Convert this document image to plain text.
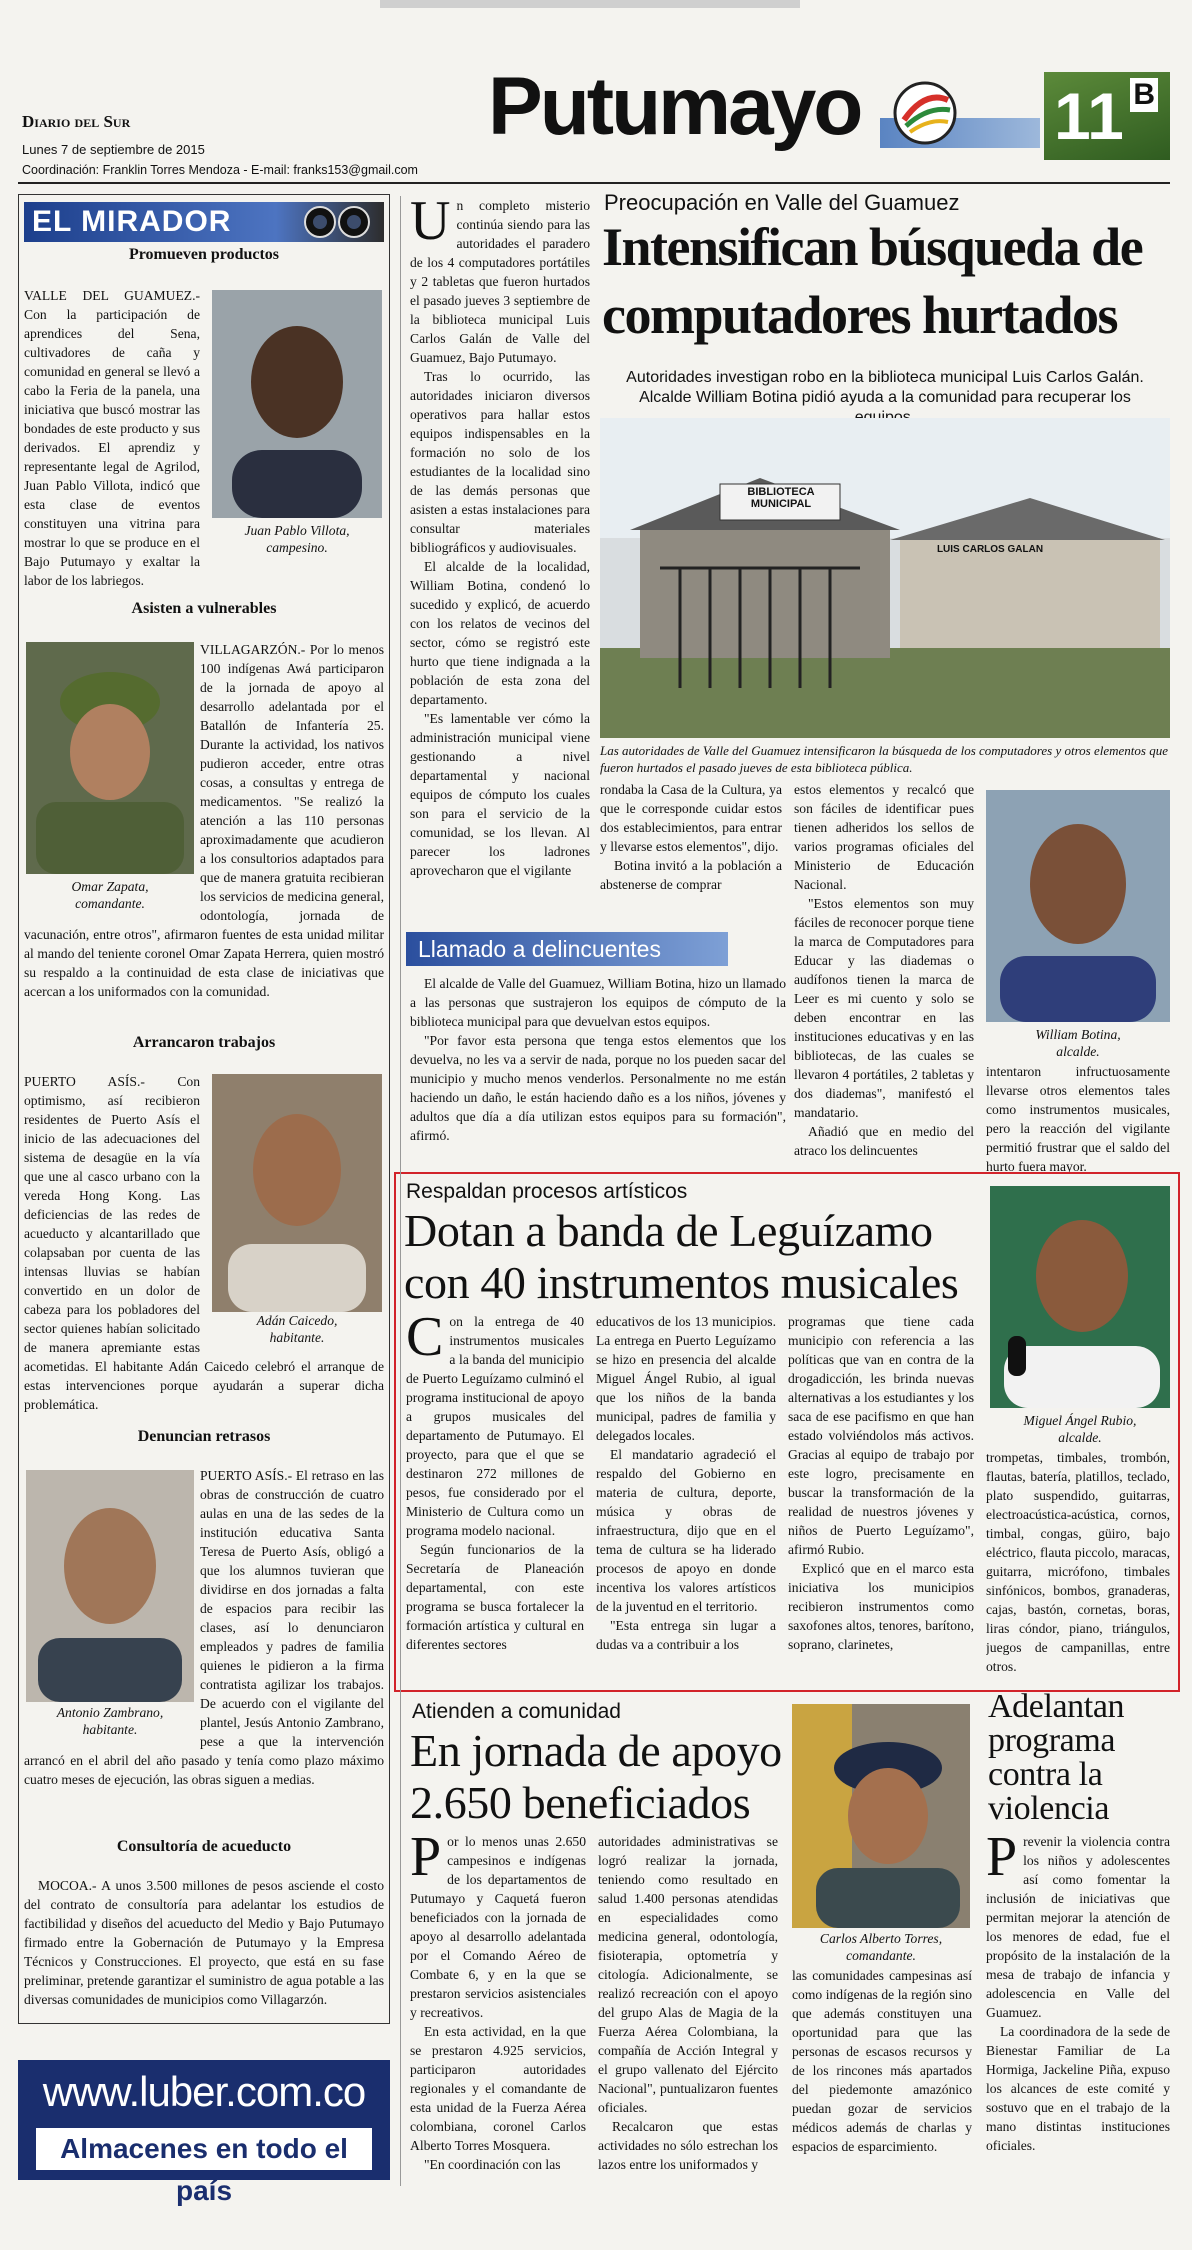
Diario del Sur
Lunes 7 de septiembre de 2015
Coordinación: Franklin Torres Mendoza - E-mail: franks153@gmail.com
Putumayo	11 B
EL MIRADOR
Promueven productos
Juan Pablo Villota,
campesino.

VALLE DEL GUAMUEZ.- Con la participación de aprendices del Sena, cultivadores de caña y comunidad en general se llevó a cabo la Feria de la panela, una iniciativa que buscó mostrar las bondades de este producto y sus derivados. El aprendiz y representante legal de Agrilod, Juan Pablo Villota, indicó que esta clase de eventos constituyen una vitrina para mostrar lo que se produce en el Bajo Putumayo y exaltar la labor de los labriegos.

Asisten a vulnerables
Omar Zapata,
comandante.

VILLAGARZÓN.- Por lo menos 100 indígenas Awá participaron de la jornada de apoyo al desarrollo adelantada por el Batallón de Infantería 25. Durante la actividad, los nativos pudieron acceder, entre otras cosas, a consultas y entrega de medicamentos. "Se realizó la atención a las 110 personas aproximadamente que acudieron a los consultorios adaptados para que de manera gratuita recibieran los servicios de medicina general, odontología, jornada de vacunación, entre otros", afirmaron fuentes de esta unidad militar al mando del teniente coronel Omar Zapata Herrera, quien mostró su respaldo a la continuidad de esta clase de iniciativas que acercan a los uniformados con la comunidad.

Arrancaron trabajos
Adán Caicedo,
habitante.

PUERTO ASÍS.- Con optimismo, así recibieron residentes de Puerto Asís el inicio de las adecuaciones del sistema de desagüe en la vía que une al casco urbano con la vereda Hong Kong. Las deficiencias de las redes de acueducto y alcantarillado que colapsaban por cuenta de las intensas lluvias se habían convertido en un dolor de cabeza para los pobladores del sector quienes habían solicitado de manera apremiante estas acometidas. El habitante Adán Caicedo celebró el arranque de estas intervenciones porque ayudarán a superar dicha problemática.

Denuncian retrasos
Antonio Zambrano,
habitante.

PUERTO ASÍS.- El retraso en las obras de construcción de cuatro aulas en una de las sedes de la institución educativa Santa Teresa de Puerto Asís, obligó a que los alumnos tuvieran que dividirse en dos jornadas a falta de espacios para recibir las clases, así lo denunciaron empleados y padres de familia quienes le pidieron a la firma contratista agilizar los trabajos. De acuerdo con el vigilante del plantel, Jesús Antonio Zambrano, pese a que la intervención arrancó en el abril del año pasado y tenía como plazo máximo cuatro meses de ejecución, las obras siguen a medias.

Consultoría de acueducto

MOCOA.- A unos 3.500 millones de pesos asciende el costo del contrato de consultoría para adelantar los estudios de factibilidad y diseños del acueducto del Medio y Bajo Putumayo firmado entre la Gobernación de Putumayo y la Empresa Técnicos y Construcciones. El proyecto, que está en su fase preliminar, pretende garantizar el suministro de agua potable a las diversas comunidades de municipios como Villagarzón.

www.luber.com.co
Almacenes en todo el país
Preocupación en Valle del Guamuez
Intensifican búsqueda de
computadores hurtados
Autoridades investigan robo en la biblioteca municipal Luis Carlos Galán. Alcalde William Botina pidió ayuda a la comunidad para recuperar los
BIBLIOTECA MUNICIPAL
LUIS CARLOS GALAN
Las autoridades de Valle del Guamuez intensificaron la búsqueda de los computadores y otros elementos que fueron hurtados el pasado jueves de esta biblioteca pública.
U n completo misterio continúa siendo para las autoridades el paradero de los 4 computadores portátiles y 2 tabletas que fueron hurtados el pasado jueves 3 septiembre de la biblioteca municipal Luis Carlos Galán de Valle del Guamuez, Bajo Putumayo.

Tras lo ocurrido, las autoridades iniciaron diversos operativos para hallar estos equipos indispensables en la formación no solo de los estudiantes de la localidad sino de las demás personas que asisten a estas instalaciones para consultar materiales bibliográficos y audiovisuales.

El alcalde de la localidad, William Botina, condenó lo sucedido y explicó, de acuerdo con los relatos de vecinos del sector, cómo se registró este hurto que tiene indignada a la población de esta zona del departamento.

"Es lamentable ver cómo la administración municipal viene gestionando a nivel departamental y nacional equipos de cómputo los cuales son para el servicio de la comunidad, se los llevan. Al parecer los ladrones aprovecharon que el vigilante

rondaba la Casa de la Cultura, ya que le corresponde cuidar estos dos establecimientos, para entrar y llevarse estos elementos", dijo.

Botina invitó a la población a abstenerse de comprar

estos elementos y recalcó que son fáciles de identificar pues tienen adheridos los sellos de varios programas oficiales del Ministerio de Educación Nacional.

"Estos elementos son muy fáciles de reconocer porque tiene la marca de Computadores para Educar y las diademas o audífonos tienen la marca de Leer es mi cuento y solo se deben encontrar en las instituciones educativas y en las bibliotecas, de las cuales se llevaron 4 portátiles, 2 tabletas y dos diademas", manifestó el mandatario.

Añadió que en medio del atraco los delincuentes

William Botina,
alcalde.

intentaron infructuosamente llevarse otros elementos tales como instrumentos musicales, pero la reacción del vigilante permitió frustrar que el saldo del hurto fuera mayor.

Llamado a delincuentes

El alcalde de Valle del Guamuez, William Botina, hizo un llamado a las personas que sustrajeron los equipos de cómputo de la biblioteca municipal para que devuelvan estos equipos.

"Por favor esta persona que tenga estos elementos que los devuelva, no les va a servir de nada, porque no los pueden sacar del municipio y mucho menos venderlos. Personalmente no me están haciendo un daño, le están haciendo daño es a los niños, jóvenes y adultos que día a día utilizan estos equipos para su formación", afirmó.

Respaldan procesos artísticos
Dotan a banda de Leguízamo
con 40 instrumentos musicales
Miguel Ángel Rubio,
alcalde.
C on la entrega de 40 instrumentos musicales a la banda del municipio de Puerto Leguízamo culminó el programa institucional de apoyo a grupos musicales del departamento de Putumayo. El proyecto, para que el que se destinaron 272 millones de pesos, fue considerado por el Ministerio de Cultura como un programa modelo nacional.

Según funcionarios de la Secretaría de Planeación departamental, con este programa se busca fortalecer la formación artística y cultural en diferentes sectores

educativos de los 13 municipios. La entrega en Puerto Leguízamo se hizo en presencia del alcalde Miguel Ángel Rubio, al igual que los niños de la banda municipal, padres de familia y delegados locales.

El mandatario agradeció el respaldo del Gobierno en materia de cultura, deporte, música y obras de infraestructura, dijo que en el tema de cultura se ha liderado procesos de apoyo en donde incentiva los valores artísticos de la juventud en el territorio.

"Esta entrega sin lugar a dudas va a contribuir a los

programas que tiene cada municipio con referencia a las políticas que van en contra de la drogadicción, les brinda nuevas alternativas a los estudiantes y los saca de ese pacifismo en que han estado volviéndolos más activos. Gracias al equipo de trabajo por este logro, precisamente en buscar la transformación de la realidad de nuestros jóvenes y niños de Puerto Leguízamo", afirmó Rubio.

Explicó que en el marco esta iniciativa los municipios recibieron instrumentos como saxofones altos, tenores, barítono, soprano, clarinetes,

trompetas, timbales, trombón, flautas, batería, platillos, teclado, plato suspendido, guitarras, electroacústica-acústica, cornos, timbal, congas, güiro, bajo eléctrico, flauta piccolo, maracas, guitarra, micrófono, timbales sinfónicos, bombos, granaderas, cajas, bastón, cornetas, boras, liras cóndor, piano, triángulos, juegos de campanillas, entre otros.

Atienden a comunidad
En jornada de apoyo
2.650 beneficiados
P or lo menos unas 2.650 campesinos e indígenas de los departamentos de Putumayo y Caquetá fueron beneficiados con la jornada de apoyo al desarrollo adelantada por el Comando Aéreo de Combate 6, y en la que se prestaron servicios asistenciales y recreativos.

En esta actividad, en la que se prestaron 4.925 servicios, participaron autoridades regionales y el comandante de esta unidad de la Fuerza Aérea colombiana, coronel Carlos Alberto Torres Mosquera.

"En coordinación con las

autoridades administrativas se logró realizar la jornada, teniendo como resultado en salud 1.400 personas atendidas en especialidades como medicina general, odontología, fisioterapia, optometría y citología. Adicionalmente, se realizó recreación con el apoyo del grupo Alas de Magia de la Fuerza Aérea Colombiana, la compañía de Acción Integral y el grupo vallenato del Ejército Nacional", puntualizaron fuentes oficiales.

Recalcaron que estas actividades no sólo estrechan los lazos entre los uniformados y

Carlos Alberto Torres,
comandante.

las comunidades campesinas así como indígenas de la región sino que además constituyen una oportunidad para que las personas de escasos recursos y de los rincones más apartados del piedemonte amazónico puedan gozar de servicios médicos además de charlas y espacios de esparcimiento.

Adelantan programa contra la violencia
P revenir la violencia contra los niños y adolescentes así como fomentar la inclusión de iniciativas que permitan mejorar la atención de los menores de edad, fue el propósito de la instalación de la mesa de trabajo de infancia y adolescencia en Valle del Guamuez.

La coordinadora de la sede de Bienestar Familiar de La Hormiga, Jackeline Piña, expuso los alcances de este comité y sostuvo que en el trabajo de la mano distintas instituciones oficiales.
